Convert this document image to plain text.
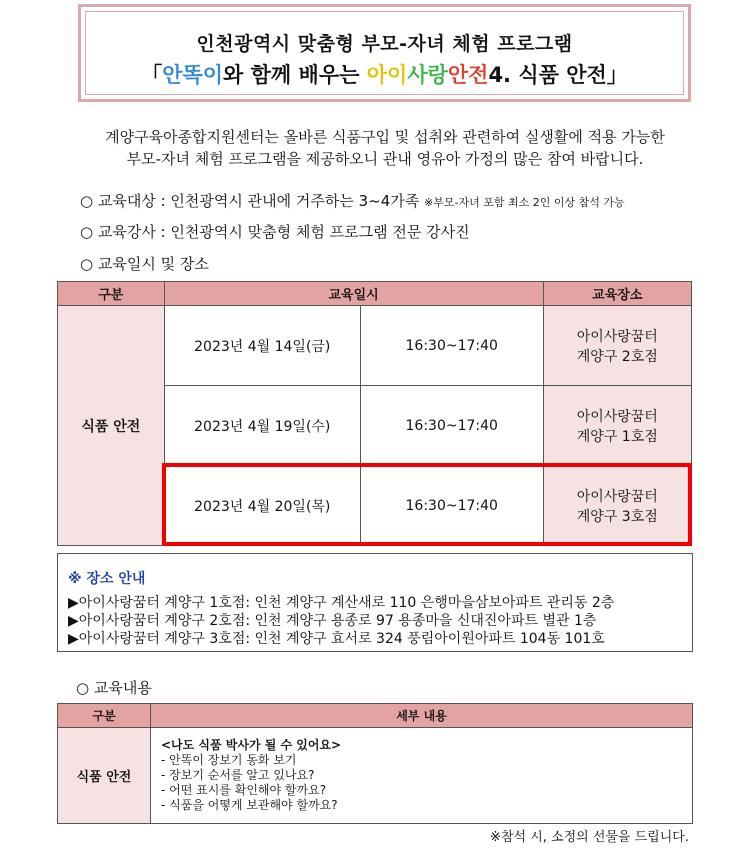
인천광역시 맞춤형 부모-자녀 체험 프로그램
「안똑이와 함께 배우는 아이사랑안전4. 식품 안전」
계양구육아종합지원센터는 올바른 식품구입 및 섭취와 관련하여 실생활에 적용 가능한
부모-자녀 체험 프로그램을 제공하오니 관내 영유아 가정의 많은 참여 바랍니다.
○ 교육대상 : 인천광역시 관내에 거주하는 3~4가족 ※부모-자녀 포함 최소 2인 이상 참석 가능
○ 교육강사 : 인천광역시 맞춤형 체험 프로그램 전문 강사진
○ 교육일시 및 장소
구분	교육일시		교육장소
식품 안전	2023년 4월 14일(금)	16:30~17:40	아이사랑꿈터
계양구 2호점

	2023년 4월 19일(수)	16:30~17:40	아이사랑꿈터
계양구 1호점

	2023년 4월 20일(목)	16:30~17:40	아이사랑꿈터
계양구 3호점
※ 장소 안내
▶아이사랑꿈터 계양구 1호점: 인천 계양구 계산새로 110 은행마을삼보아파트 관리동 2층
▶아이사랑꿈터 계양구 2호점: 인천 계양구 용종로 97 용종마을 신대진아파트 별관 1층
▶아이사랑꿈터 계양구 3호점: 인천 계양구 효서로 324 풍림아이원아파트 104동 101호
○ 교육내용
구분	세부 내용
식품 안전	<나도 식품 박사가 될 수 있어요>
- 안똑이 장보기 동화 보기
- 장보기 순서를 알고 있나요?
- 어떤 표시를 확인해야 할까요?
- 식품을 어떻게 보관해야 할까요?
※참석 시, 소정의 선물을 드립니다.
